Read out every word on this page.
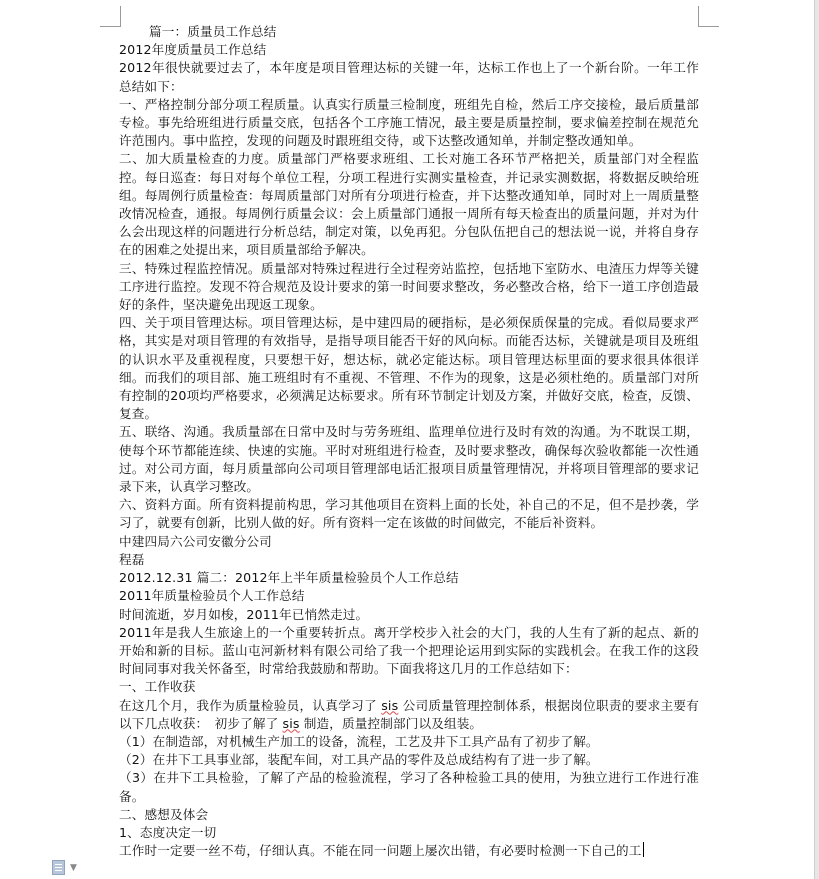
篇一：质量员工作总结

2012年度质量员工作总结

2012年很快就要过去了，本年度是项目管理达标的关键一年，达标工作也上了一个新台阶。一年工作总结如下：

一、严格控制分部分项工程质量。认真实行质量三检制度，班组先自检，然后工序交接检，最后质量部专检。事先给班组进行质量交底，包括各个工序施工情况，最主要是质量控制，要求偏差控制在规范允许范围内。事中监控，发现的问题及时跟班组交待，或下达整改通知单，并制定整改通知单。

二、加大质量检查的力度。质量部门严格要求班组、工长对施工各环节严格把关，质量部门对全程监控。每日巡查：每日对每个单位工程，分项工程进行实测实量检查，并记录实测数据，将数据反映给班组。每周例行质量检查：每周质量部门对所有分项进行检查，并下达整改通知单，同时对上一周质量整改情况检查，通报。每周例行质量会议：会上质量部门通报一周所有每天检查出的质量问题，并对为什么会出现这样的问题进行分析总结，制定对策，以免再犯。分包队伍把自己的想法说一说，并将自身存在的困难之处提出来，项目质量部给予解决。

三、特殊过程监控情况。质量部对特殊过程进行全过程旁站监控，包括地下室防水、电渣压力焊等关键工序进行监控。发现不符合规范及设计要求的第一时间要求整改，务必整改合格，给下一道工序创造最好的条件，坚决避免出现返工现象。

四、关于项目管理达标。项目管理达标，是中建四局的硬指标，是必须保质保量的完成。看似局要求严格，其实是对项目管理的有效指导，是指导项目能否干好的风向标。而能否达标，关键就是项目及班组的认识水平及重视程度，只要想干好，想达标，就必定能达标。项目管理达标里面的要求很具体很详细。而我们的项目部、施工班组时有不重视、不管理、不作为的现象，这是必须杜绝的。质量部门对所有控制的20项均严格要求，必须满足达标要求。所有环节制定计划及方案，并做好交底，检查，反馈、复查。

五、联络、沟通。我质量部在日常中及时与劳务班组、监理单位进行及时有效的沟通。为不耽误工期，使每个环节都能连续、快速的实施。平时对班组进行检查，及时要求整改，确保每次验收都能一次性通过。对公司方面，每月质量部向公司项目管理部电话汇报项目质量管理情况，并将项目管理部的要求记录下来，认真学习整改。

六、资料方面。所有资料提前构思，学习其他项目在资料上面的长处，补自己的不足，但不是抄袭，学习了，就要有创新，比别人做的好。所有资料一定在该做的时间做完，不能后补资料。

中建四局六公司安徽分公司

程磊

2012.12.31 篇二：2012年上半年质量检验员个人工作总结

2011年质量检验员个人工作总结

时间流逝，岁月如梭，2011年已悄然走过。

2011年是我人生旅途上的一个重要转折点。离开学校步入社会的大门，我的人生有了新的起点、新的开始和新的目标。蓝山屯河新材料有限公司给了我一个把理论运用到实际的实践机会。在我工作的这段时间同事对我关怀备至，时常给我鼓励和帮助。下面我将这几月的工作总结如下：

一、工作收获

在这几个月，我作为质量检验员，认真学习了 sis 公司质量管理控制体系，根据岗位职责的要求主要有以下几点收获：　初步了解了 sis 制造，质量控制部门以及组装。

（1）在制造部，对机械生产加工的设备，流程，工艺及井下工具产品有了初步了解。

（2）在井下工具事业部，装配车间，对工具产品的零件及总成结构有了进一步了解。

（3）在井下工具检验，了解了产品的检验流程，学习了各种检验工具的使用，为独立进行工作进行准备。

二、感想及体会

1、态度决定一切

工作时一定要一丝不苟，仔细认真。不能在同一问题上屡次出错，有必要时检测一下自己的工

▼
